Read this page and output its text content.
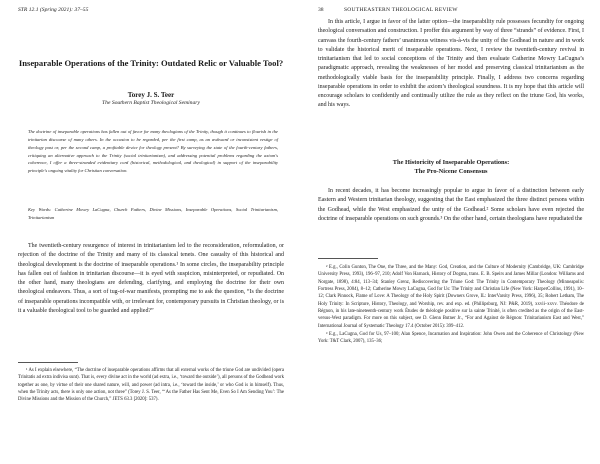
STR 12.1 (Spring 2021): 37–55
Inseparable Operations of the Trinity: Outdated Relic or Valuable Tool?
Torey J. S. Teer
The Southern Baptist Theological Seminary
The doctrine of inseparable operations has fallen out of favor for many theologians of the Trinity, though it continues to flourish in the trinitarian discourse of many others. In the occasion to be regarded, per the first camp, as an awkward or inconsistent vestige of theology past or, per the second camp, a profitable device for theology present? By surveying the state of the fourth-century fathers, critiquing an alternative approach to the Trinity (social trinitarianism), and addressing potential problems regarding the axiom's coherence, I offer a three-stranded evidentiary cord (historical, methodological, and theological) in support of the inseparability principle's ongoing vitality for Christian conversation.
Key Words: Catherine Mowry LaCugna, Church Fathers, Divine Missions, Inseparable Operations, Social Trinitarianism, Trinitarianism
The twentieth-century resurgence of interest in trinitarianism led to the reconsideration, reformulation, or rejection of the doctrine of the Trinity and many of its classical tenets. One casualty of this historical and theological development is the doctrine of inseparable operations.¹ In some circles, the inseparability principle has fallen out of fashion in trinitarian discourse—it is eyed with suspicion, misinterpreted, or repudiated. On the other hand, many theologians are defending, clarifying, and employing the doctrine for their own theological endeavors. Thus, a sort of tug-of-war manifests, prompting me to ask the question, “Is the doctrine of inseparable operations incompatible with, or irrelevant for, contemporary pursuits in Christian theology, or is it a valuable theological tool to be guarded and applied?”
¹ As I explain elsewhere, “The doctrine of inseparable operations affirms that all external works of the triune God are undivided (opera Trinitatis ad extra indivisa sunt). That is, every divine act in the world (ad extra, i.e., ‘toward the outside’), all persons of the Godhead work together as one, by virtue of their one shared nature, will, and power (ad intra, i.e., ‘toward the inside,’ or who God is in himself). Thus, when the Trinity acts, there is only one action, not three” (Torey J. S. Teer, “‘As the Father Has Sent Me, Even So I Am Sending You’: The Divine Missions and the Mission of the Church,” JETS 63.3 [2020]: 537).
38	SOUTHEASTERN THEOLOGICAL REVIEW
In this article, I argue in favor of the latter option—the inseparability rule possesses fecundity for ongoing theological conversation and construction. I proffer this argument by way of three “strands” of evidence. First, I canvass the fourth-century fathers’ unanimous witness vis-à-vis the unity of the Godhead in nature and in work to validate the historical merit of inseparable operations. Next, I review the twentieth-century revival in trinitarianism that led to social conceptions of the Trinity and then evaluate Catherine Mowry LaCugna’s paradigmatic approach, revealing the weaknesses of her model and preserving classical trinitarianism as the methodologically viable basis for the inseparability principle. Finally, I address two concerns regarding inseparable operations in order to exhibit the axiom’s theological soundness. It is my hope that this article will encourage scholars to confidently and continually utilize the rule as they reflect on the triune God, his works, and his ways.
The Historicity of Inseparable Operations:
The Pro-Nicene Consensus
In recent decades, it has become increasingly popular to argue in favor of a distinction between early Eastern and Western trinitarian theology, suggesting that the East emphasized the three distinct persons within the Godhead, while the West emphasized the unity of the Godhead.² Some scholars have even rejected the doctrine of inseparable operations on such grounds.³ On the other hand, certain theologians have repudiated the

² E.g., Colin Gunton, The One, the Three, and the Many: God, Creation, and the Culture of Modernity (Cambridge, UK: Cambridge University Press, 1993), 196–97, 210; Adolf Von Harnack, History of Dogma, trans. E. B. Speirs and James Millar (London: Williams and Norgate, 1898), 4:84, 113–34; Stanley Grenz, Rediscovering the Triune God: The Trinity in Contemporary Theology (Minneapolis: Fortress Press, 2004), 8–12; Catherine Mowry LaCugna, God for Us: The Trinity and Christian Life (New York: HarperCollins, 1991), 10–12; Clark Pinnock, Flame of Love: A Theology of the Holy Spirit (Downers Grove, IL: InterVarsity Press, 1996), 35; Robert Letham, The Holy Trinity: In Scripture, History, Theology, and Worship, rev. and exp. ed. (Phillipsburg, NJ: P&R, 2019), xxvii–xxvv. Théodore de Régnon, in his late-nineteenth-century work Études de théologie positive sur la sainte Trinité, is often credited as the origin of the East-versus-West paradigm. For more on this subject, see D. Glenn Butner Jr., “For and Against de Régnon: Trinitarianism East and West,” International Journal of Systematic Theology 17.4 (October 2015): 399–412.

³ E.g., LaCugna, God for Us, 97–100; Alan Spence, Incarnation and Inspiration: John Owen and the Coherence of Christology (New York: T&T Clark, 2007), 135–36;
